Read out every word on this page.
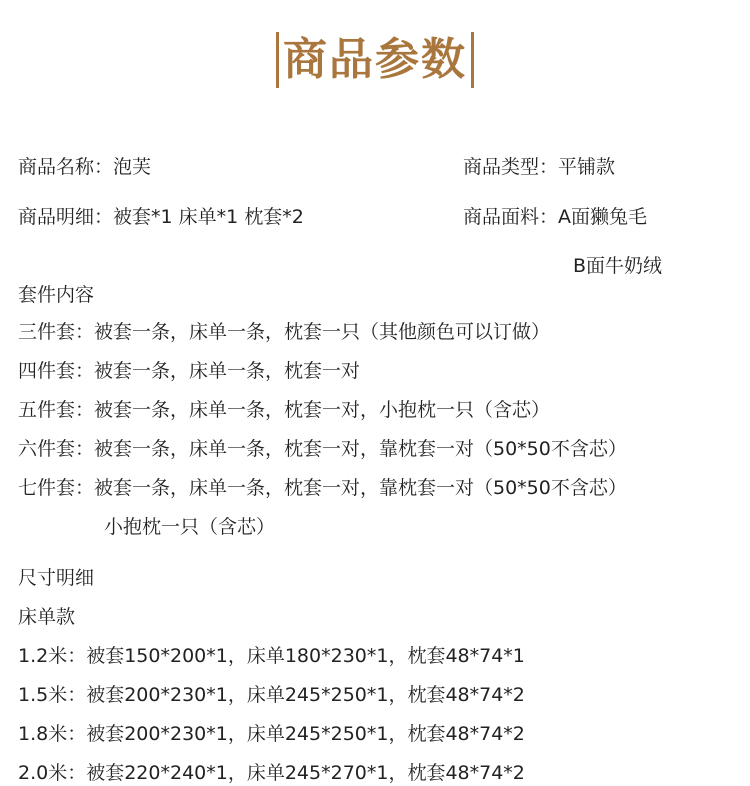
商品参数
商品名称：泡芙	商品类型：平铺款
商品明细：被套*1 床单*1 枕套*2	商品面料：A面獭兔毛
B面牛奶绒
套件内容
三件套：被套一条，床单一条，枕套一只（其他颜色可以订做）
四件套：被套一条，床单一条，枕套一对
五件套：被套一条，床单一条，枕套一对，小抱枕一只（含芯）
六件套：被套一条，床单一条，枕套一对，靠枕套一对（50*50不含芯）
七件套：被套一条，床单一条，枕套一对，靠枕套一对（50*50不含芯）
小抱枕一只（含芯）
尺寸明细
床单款
1.2米：被套150*200*1，床单180*230*1，枕套48*74*1
1.5米：被套200*230*1，床单245*250*1，枕套48*74*2
1.8米：被套200*230*1，床单245*250*1，枕套48*74*2
2.0米：被套220*240*1，床单245*270*1，枕套48*74*2
